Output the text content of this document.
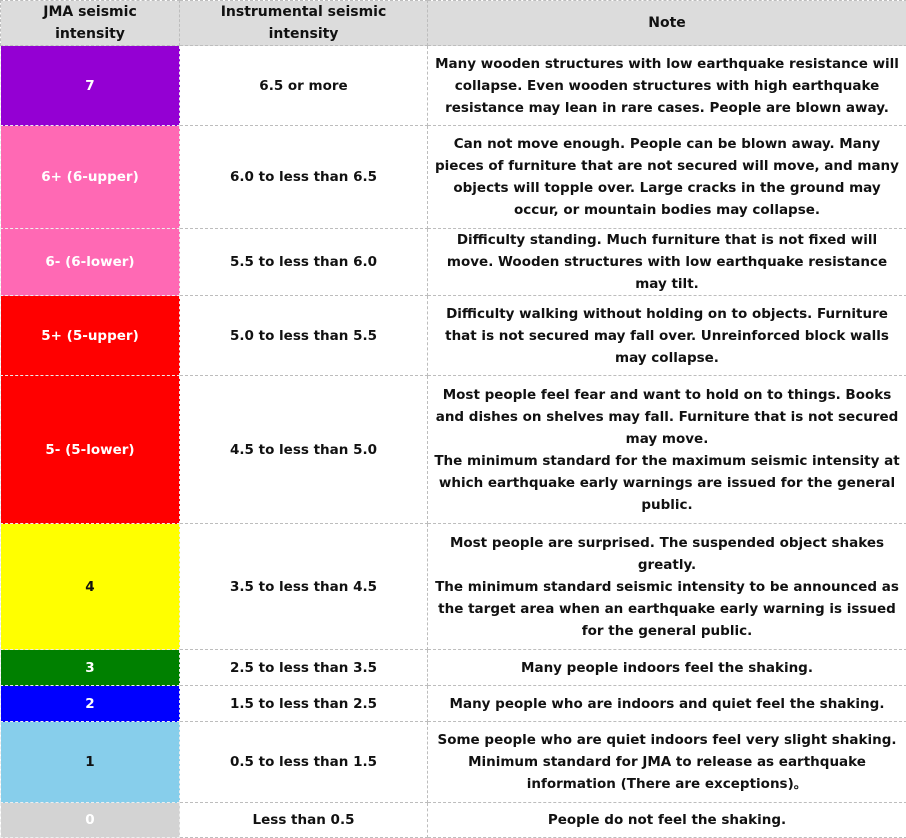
JMA seismic intensity	Instrumental seismic intensity	Note
7	6.5 or more	Many wooden structures with low earthquake resistance will collapse. Even wooden structures with high earthquake resistance may lean in rare cases. People are blown away.

6+ (6-upper)	6.0 to less than 6.5	Can not move enough. People can be blown away. Many pieces of furniture that are not secured will move, and many objects will topple over. Large cracks in the ground may occur, or mountain bodies may collapse.

6- (6-lower)	5.5 to less than 6.0	Difficulty standing. Much furniture that is not fixed will move. Wooden structures with low earthquake resistance may tilt.

5+ (5-upper)	5.0 to less than 5.5	Difficulty walking without holding on to objects. Furniture that is not secured may fall over. Unreinforced block walls may collapse.

5- (5-lower)	4.5 to less than 5.0	Most people feel fear and want to hold on to things. Books and dishes on shelves may fall. Furniture that is not secured may move.
The minimum standard for the maximum seismic intensity at which earthquake early warnings are issued for the general public.

4	3.5 to less than 4.5	Most people are surprised. The suspended object shakes greatly.
The minimum standard seismic intensity to be announced as the target area when an earthquake early warning is issued for the general public.

3	2.5 to less than 3.5	Many people indoors feel the shaking.

2	1.5 to less than 2.5	Many people who are indoors and quiet feel the shaking.

1	0.5 to less than 1.5	Some people who are quiet indoors feel very slight shaking. Minimum standard for JMA to release as earthquake information (There are exceptions)。

0	Less than 0.5	People do not feel the shaking.
